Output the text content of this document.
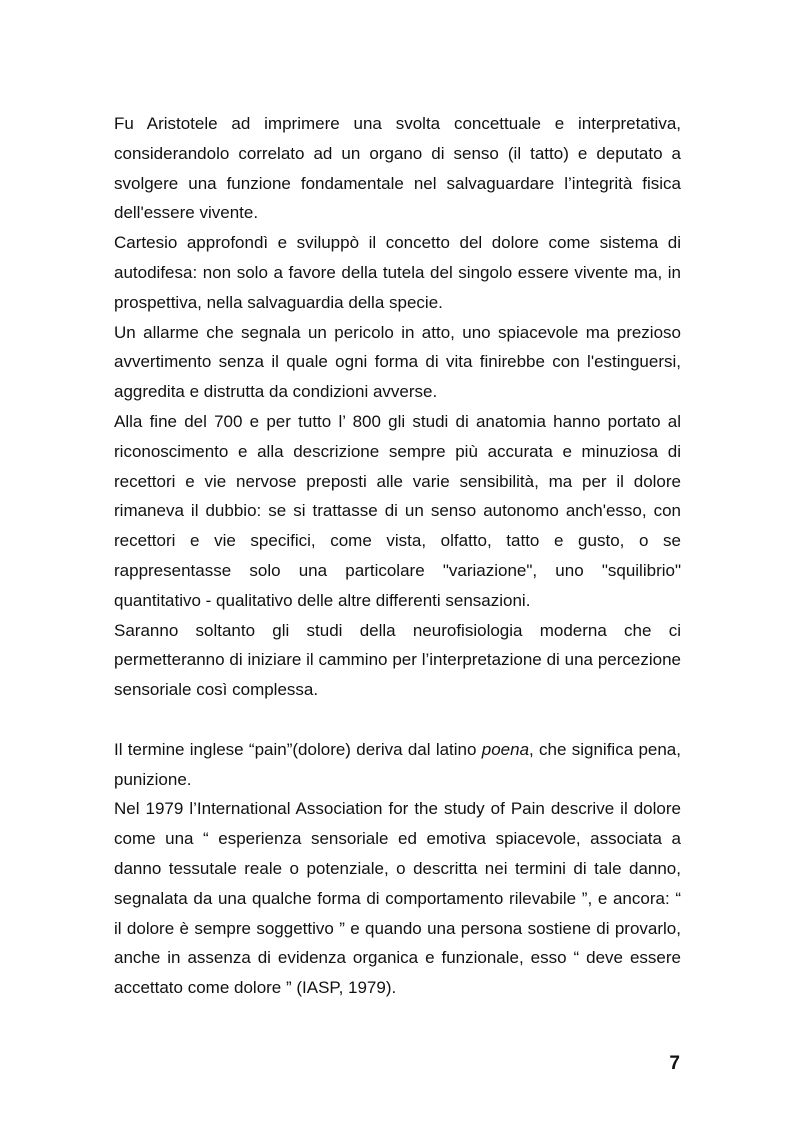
Fu Aristotele ad imprimere una svolta concettuale e interpretativa, considerandolo correlato ad un organo di senso (il tatto) e deputato a svolgere una funzione fondamentale nel salvaguardare l’integrità fisica dell'essere vivente.

Cartesio approfondì e sviluppò il concetto del dolore come sistema di autodifesa: non solo a favore della tutela del singolo essere vivente ma, in prospettiva, nella salvaguardia della specie.

Un allarme che segnala un pericolo in atto, uno spiacevole ma prezioso avvertimento senza il quale ogni forma di vita finirebbe con l'estinguersi, aggredita e distrutta da condizioni avverse.

Alla fine del 700 e per tutto l’ 800 gli studi di anatomia hanno portato al riconoscimento e alla descrizione sempre più accurata e minuziosa di recettori e vie nervose preposti alle varie sensibilità, ma per il dolore rimaneva il dubbio: se si trattasse di un senso autonomo anch'esso, con recettori e vie specifici, come vista, olfatto, tatto e gusto, o se rappresentasse solo una particolare "variazione", uno "squilibrio" quantitativo - qualitativo delle altre differenti sensazioni.

Saranno soltanto gli studi della neurofisiologia moderna che ci permetteranno di iniziare il cammino per l’interpretazione di una percezione sensoriale così complessa.

Il termine inglese “pain”(dolore) deriva dal latino poena, che significa pena, punizione.

Nel 1979 l’International Association for the study of Pain descrive il dolore come una “ esperienza sensoriale ed emotiva spiacevole, associata a danno tessutale reale o potenziale, o descritta nei termini di tale danno, segnalata da una qualche forma di comportamento rilevabile ”, e ancora: “ il dolore è sempre soggettivo ” e quando una persona sostiene di provarlo, anche in assenza di evidenza organica e funzionale, esso “ deve essere accettato come dolore ” (IASP, 1979).

7
